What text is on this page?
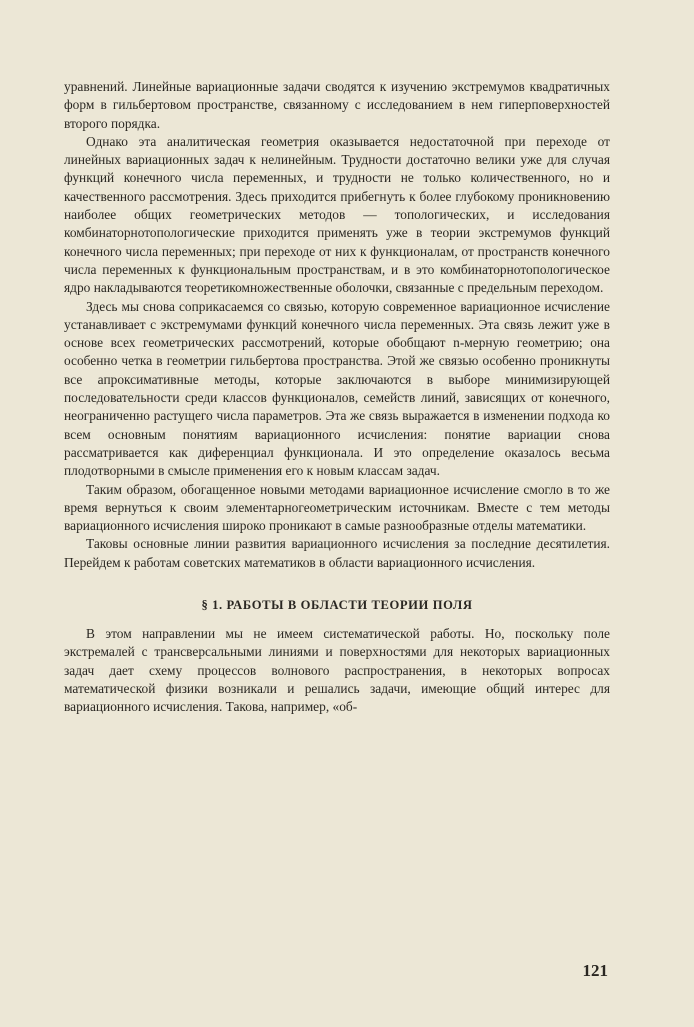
уравнений. Линейные вариационные задачи сводятся к изучению экстремумов квадратичных форм в гильбертовом пространстве, связанному с исследованием в нем гиперповерхностей второго порядка.

Однако эта аналитическая геометрия оказывается недостаточной при переходе от линейных вариационных задач к нелинейным. Трудности достаточно велики уже для случая функций конечного числа переменных, и трудности не только количественного, но и качественного рассмотрения. Здесь приходится прибегнуть к более глубокому проникновению наиболее общих геометрических методов — топологических, и исследования комбинаторнотопологические приходится применять уже в теории экстремумов функций конечного числа переменных; при переходе от них к функционалам, от пространств конечного числа переменных к функциональным пространствам, и в это комбинаторнотопологическое ядро накладываются теоретикомножественные оболочки, связанные с предельным переходом.

Здесь мы снова соприкасаемся со связью, которую современное вариационное исчисление устанавливает с экстремумами функций конечного числа переменных. Эта связь лежит уже в основе всех геометрических рассмотрений, которые обобщают n-мерную геометрию; она особенно четка в геометрии гильбертова пространства. Этой же связью особенно проникнуты все апроксимативные методы, которые заключаются в выборе минимизирующей последовательности среди классов функционалов, семейств линий, зависящих от конечного, неограниченно растущего числа параметров. Эта же связь выражается в изменении подхода ко всем основным понятиям вариационного исчисления: понятие вариации снова рассматривается как диференциал функционала. И это определение оказалось весьма плодотворными в смысле применения его к новым классам задач.

Таким образом, обогащенное новыми методами вариационное исчисление смогло в то же время вернуться к своим элементарногеометрическим источникам. Вместе с тем методы вариационного исчисления широко проникают в самые разнообразные отделы математики.

Таковы основные линии развития вариационного исчисления за последние десятилетия. Перейдем к работам советских математиков в области вариационного исчисления.

§ 1. РАБОТЫ В ОБЛАСТИ ТЕОРИИ ПОЛЯ

В этом направлении мы не имеем систематической работы. Но, поскольку поле экстремалей с трансверсальными линиями и поверхностями для некоторых вариационных задач дает схему процессов волнового распространения, в некоторых вопросах математической физики возникали и решались задачи, имеющие общий интерес для вариационного исчисления. Такова, например, «об-

121
